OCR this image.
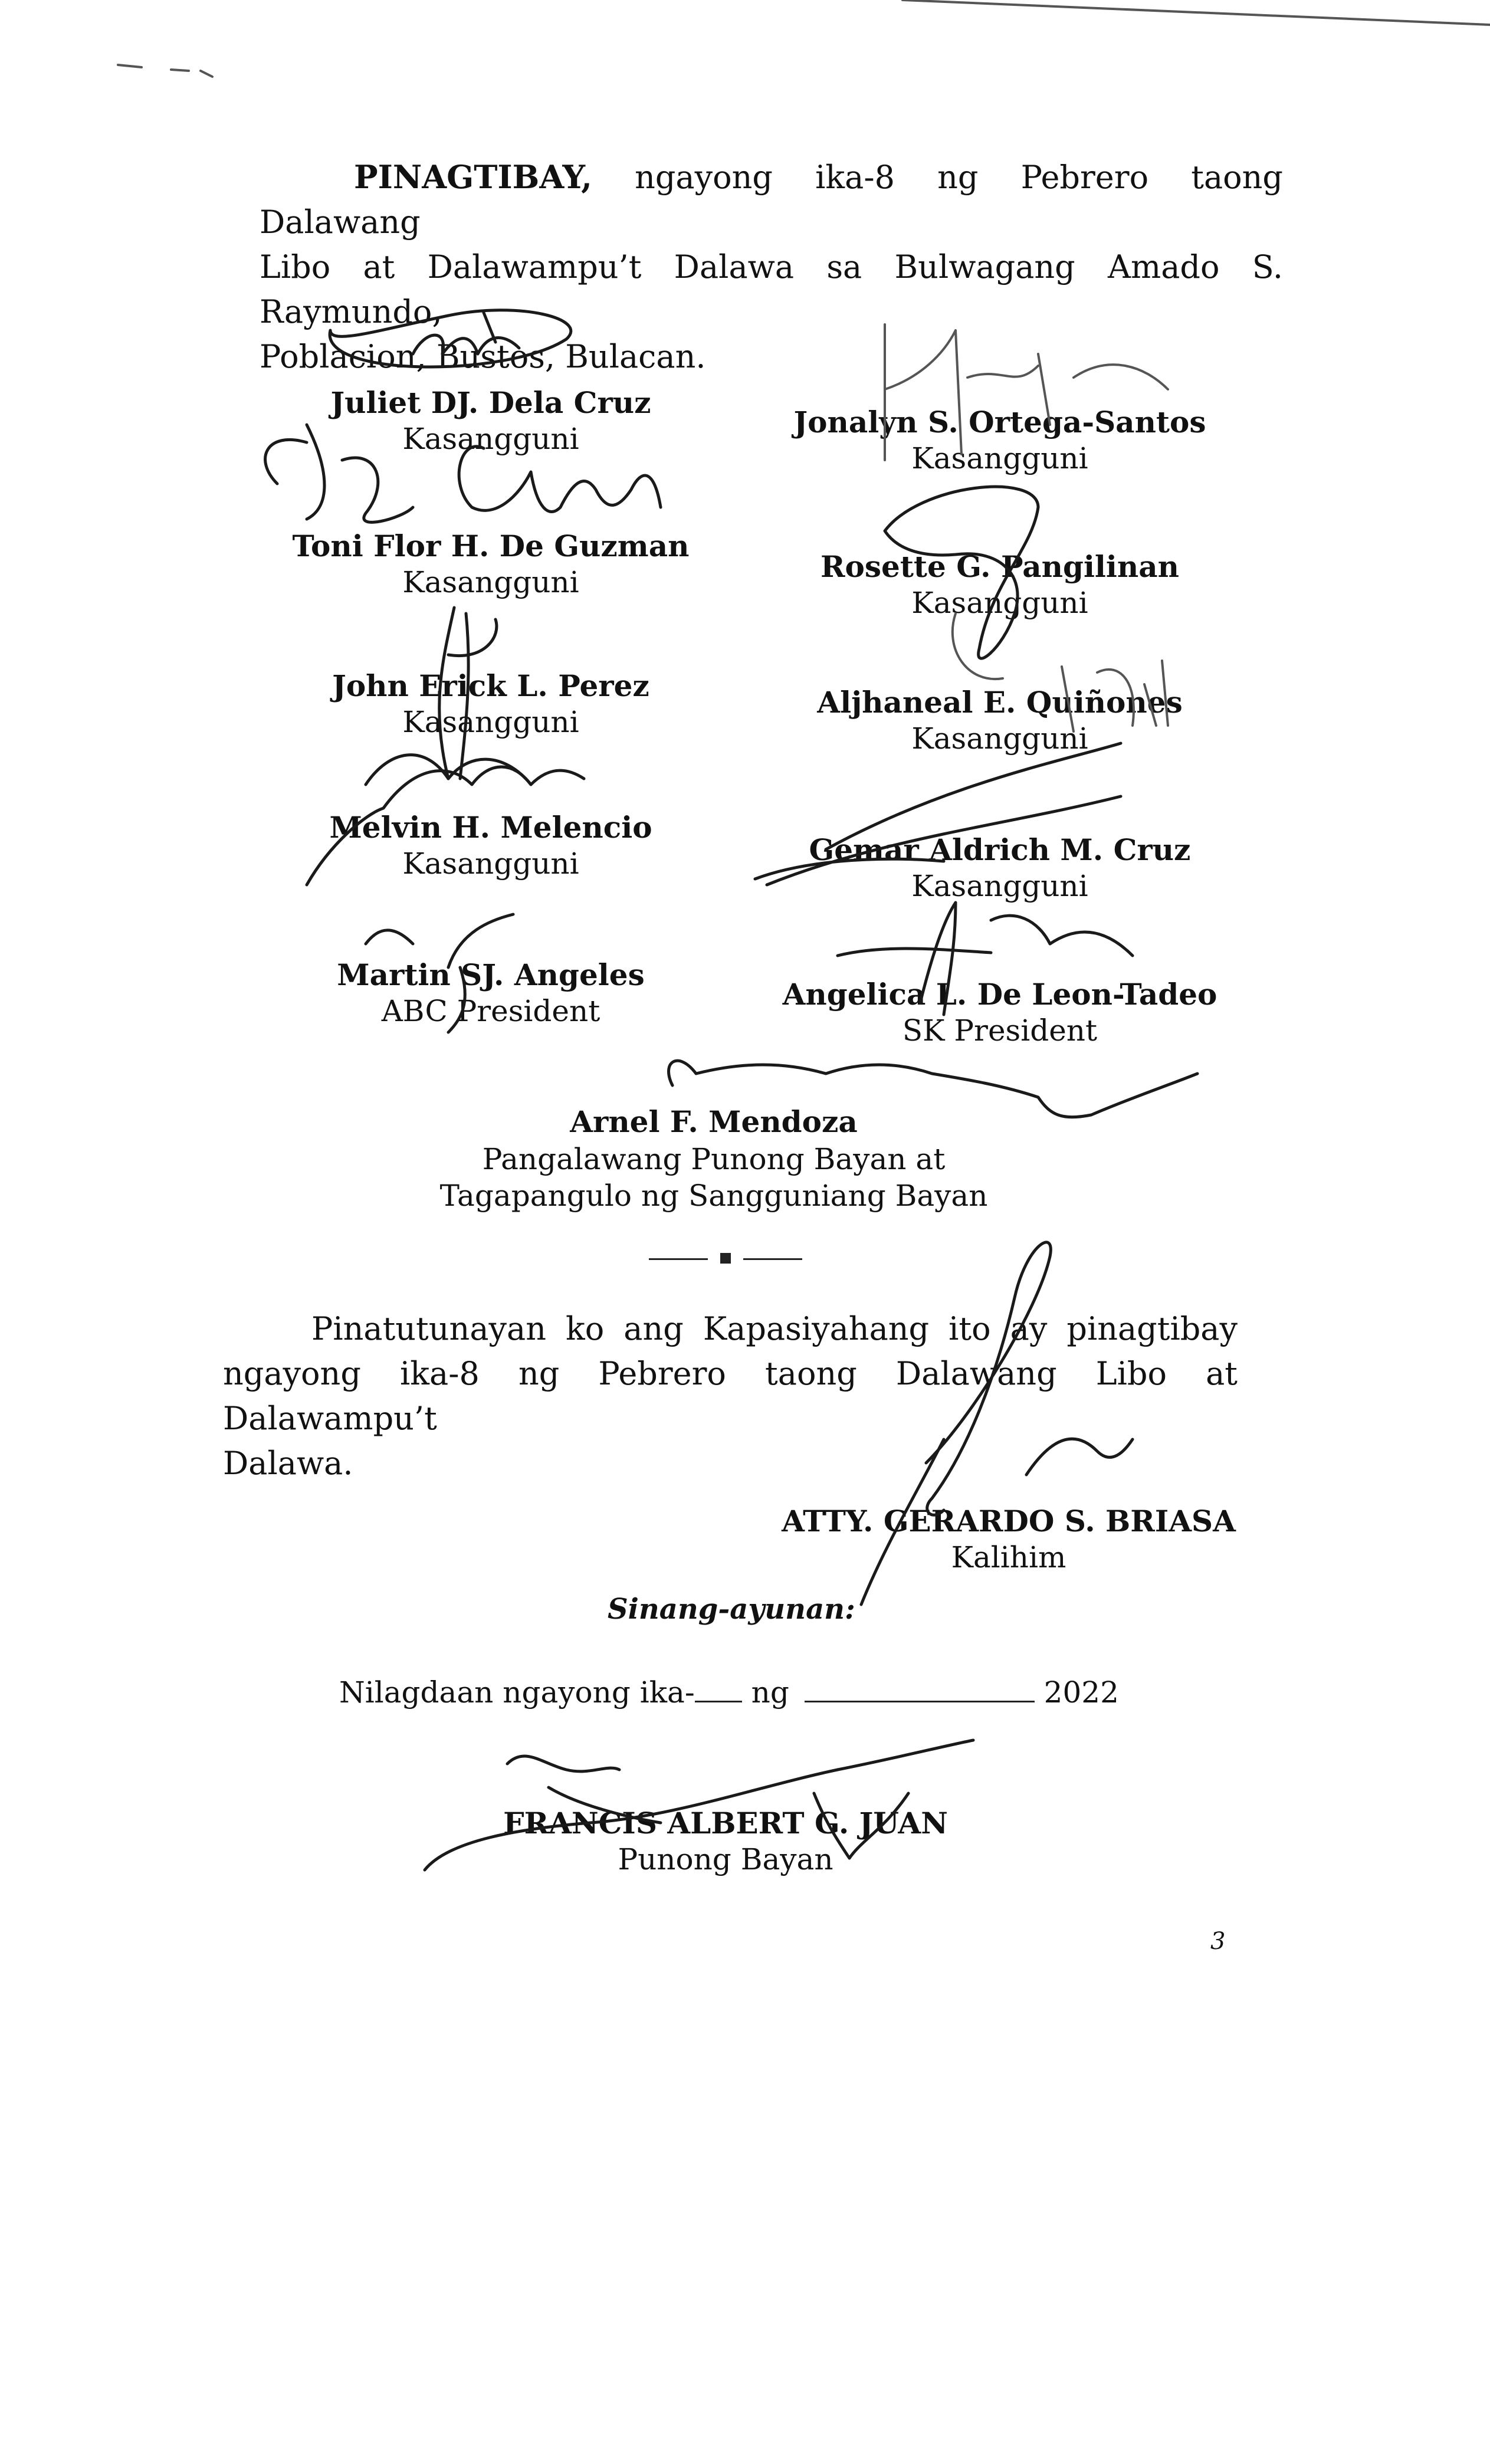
PINAGTIBAY, ngayong ika-8 ng Pebrero taong Dalawang
Libo at Dalawampu’t Dalawa sa Bulwagang Amado S. Raymundo,
Poblacion, Bustos, Bulacan.
Juliet DJ. Dela Cruz
Kasangguni
Toni Flor H. De Guzman
Kasangguni
John Erick L. Perez
Kasangguni
Melvin H. Melencio
Kasangguni
Martin SJ. Angeles
ABC President
Jonalyn S. Ortega-Santos
Kasangguni
Rosette G. Pangilinan
Kasangguni
Aljhaneal E. Quiñones
Kasangguni
Gemar Aldrich M. Cruz
Kasangguni
Angelica L. De Leon-Tadeo
SK President
Arnel F. Mendoza
Pangalawang Punong Bayan at
Tagapangulo ng Sangguniang Bayan
Pinatutunayan ko ang Kapasiyahang ito ay pinagtibay
ngayong ika-8 ng Pebrero taong Dalawang Libo at Dalawampu’t
Dalawa.
ATTY. GERARDO S. BRIASA
Kalihim
Sinang-ayunan:
Nilagdaan ngayong ika- ng	2022
FRANCIS ALBERT G. JUAN
Punong Bayan
3
